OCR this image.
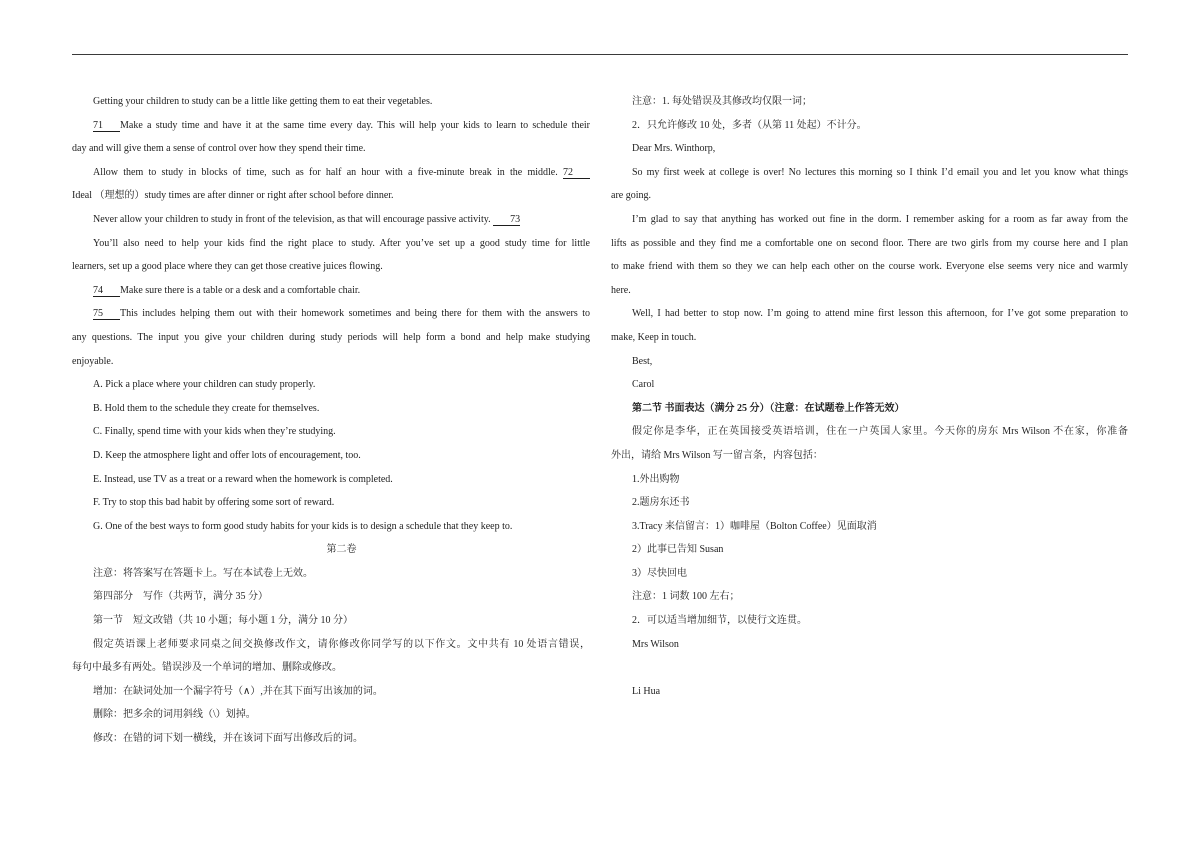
Getting your children to study can be a little like getting them to eat their vegetables.
71 Make a study time and have it at the same time every day. This will help your kids to learn to schedule their
day and will give them a sense of control over how they spend their time.
Allow them to study in blocks of time, such as for half an hour with a five-minute break in the middle. 72
Ideal （理想的）study times are after dinner or right after school before dinner.
Never allow your children to study in front of the television, as that will encourage passive activity. 73
You’ll also need to help your kids find the right place to study. After you’ve set up a good study time for little
learners, set up a good place where they can get those creative juices flowing.
74 Make sure there is a table or a desk and a comfortable chair.
75 This includes helping them out with their homework sometimes and being there for them with the answers to
any questions. The input you give your children during study periods will help form a bond and help make studying
enjoyable.
A. Pick a place where your children can study properly.
B. Hold them to the schedule they create for themselves.
C. Finally, spend time with your kids when they’re studying.
D. Keep the atmosphere light and offer lots of encouragement, too.
E. Instead, use TV as a treat or a reward when the homework is completed.
F. Try to stop this bad habit by offering some sort of reward.
G. One of the best ways to form good study habits for your kids is to design a schedule that they keep to.
第二卷
注意：将答案写在答题卡上。写在本试卷上无效。
第四部分　写作（共两节，满分 35 分）
第一节　短文改错（共 10 小题；每小题 1 分，满分 10 分）
假定英语课上老师要求同桌之间交换修改作文，请你修改你同学写的以下作文。文中共有 10 处语言错误，
每句中最多有两处。错误涉及一个单词的增加、删除或修改。
增加：在缺词处加一个漏字符号（∧）,并在其下面写出该加的词。
删除：把多余的词用斜线（\）划掉。
修改：在错的词下划一横线，并在该词下面写出修改后的词。
注意：1. 每处错误及其修改均仅限一词；
2．只允许修改 10 处，多者（从第 11 处起）不计分。
Dear Mrs. Winthorp,
So my first week at college is over! No lectures this morning so I think I’d email you and let you know what things
are going.
I’m glad to say that anything has worked out fine in the dorm. I remember asking for a room as far away from the
lifts as possible and they find me a comfortable one on second floor. There are two girls from my course here and I plan
to make friend with them so they we can help each other on the course work. Everyone else seems very nice and warmly
here.
Well, I had better to stop now. I’m going to attend mine first lesson this afternoon, for I’ve got some preparation to
make, Keep in touch.
Best,
Carol
第二节 书面表达（满分 25 分）（注意：在试题卷上作答无效）
假定你是李华，正在英国接受英语培训，住在一户英国人家里。今天你的房东 Mrs Wilson 不在家，你准备
外出，请给 Mrs Wilson 写一留言条，内容包括：
1.外出购物
2.题房东还书
3.Tracy 来信留言：1）咖啡屋（Bolton Coffee）见面取消
2）此事已告知 Susan
3）尽快回电
注意：1 词数 100 左右；
2．可以适当增加细节，以使行文连贯。
Mrs Wilson
Li Hua
